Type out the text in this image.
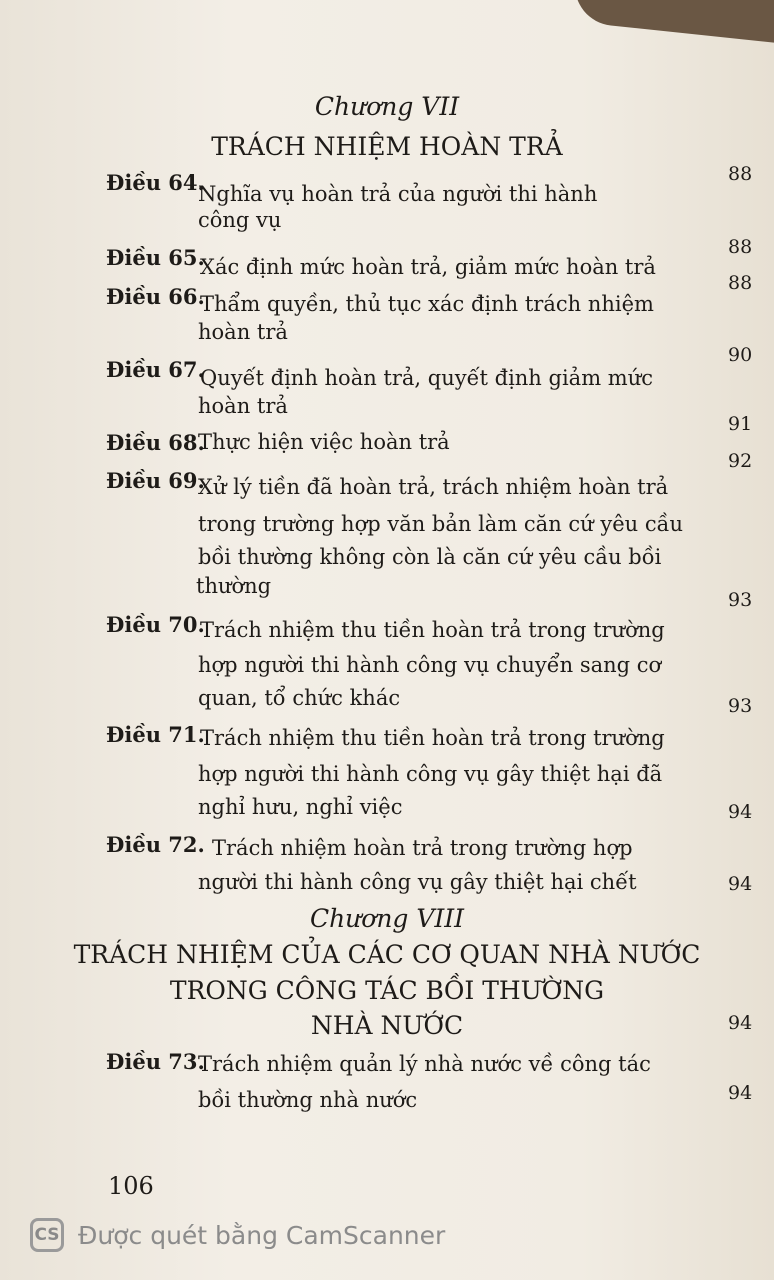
Chương VII
TRÁCH NHIỆM HOÀN TRẢ
Điều 64.
Nghĩa vụ hoàn trả của người thi hành
công vụ
88
Điều 65.
Xác định mức hoàn trả, giảm mức hoàn trả
88
Điều 66.
Thẩm quyền, thủ tục xác định trách nhiệm
hoàn trả
88
Điều 67.
Quyết định hoàn trả, quyết định giảm mức
hoàn trả
90
Điều 68.
Thực hiện việc hoàn trả
91
Điều 69.
Xử lý tiền đã hoàn trả, trách nhiệm hoàn trả
trong trường hợp văn bản làm căn cứ yêu cầu
bồi thường không còn là căn cứ yêu cầu bồi
thường
92
Điều 70.
Trách nhiệm thu tiền hoàn trả trong trường
hợp người thi hành công vụ chuyển sang cơ
quan, tổ chức khác
93
Điều 71.
Trách nhiệm thu tiền hoàn trả trong trường
hợp người thi hành công vụ gây thiệt hại đã
nghỉ hưu, nghỉ việc
93
Điều 72. Trách nhiệm hoàn trả trong trường hợp
người thi hành công vụ gây thiệt hại chết
94
94
Chương VIII
TRÁCH NHIỆM CỦA CÁC CƠ QUAN NHÀ NƯỚC
TRONG CÔNG TÁC BỒI THƯỜNG
NHÀ NƯỚC	94
Điều 73.
Trách nhiệm quản lý nhà nước về công tác
bồi thường nhà nước	94
106
CS Được quét bằng CamScanner
